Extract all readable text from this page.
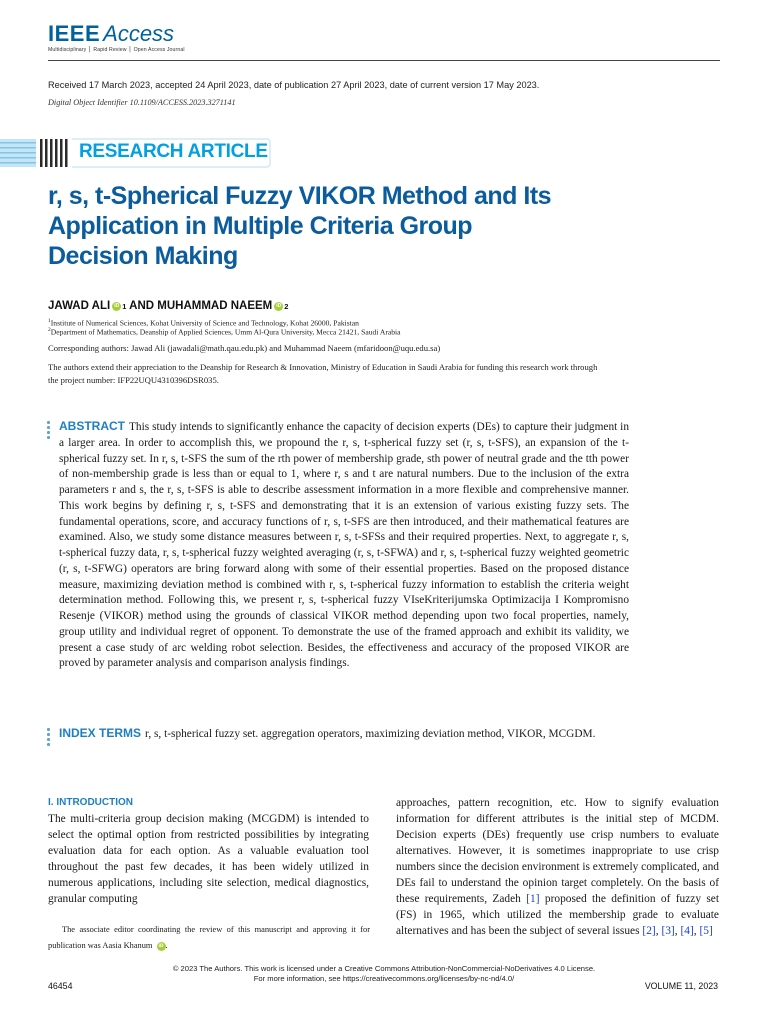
IEEE Access
Multidisciplinary ⎪ Rapid Review ⎪ Open Access Journal
Received 17 March 2023, accepted 24 April 2023, date of publication 27 April 2023, date of current version 17 May 2023.
Digital Object Identifier 10.1109/ACCESS.2023.3271141
RESEARCH ARTICLE
r, s, t-Spherical Fuzzy VIKOR Method and Its
Application in Multiple Criteria Group
Decision Making
JAWAD ALI iD 1 AND MUHAMMAD NAEEM iD 2
$^1$Institute of Numerical Sciences, Kohat University of Science and Technology, Kohat 26000, Pakistan
$^2$Department of Mathematics, Deanship of Applied Sciences, Umm Al-Qura University, Mecca 21421, Saudi Arabia
Corresponding authors: Jawad Ali (jawadali@math.qau.edu.pk) and Muhammad Naeem (mfaridoon@uqu.edu.sa)
The authors extend their appreciation to the Deanship for Research & Innovation, Ministry of Education in Saudi Arabia for funding this research work through the project number: IFP22UQU4310396DSR035.
ABSTRACT This study intends to significantly enhance the capacity of decision experts (DEs) to capture their judgment in a larger area. In order to accomplish this, we propound the r, s, t-spherical fuzzy set (r, s, t-SFS), an expansion of the t-spherical fuzzy set. In r, s, t-SFS the sum of the rth power of membership grade, sth power of neutral grade and the tth power of non-membership grade is less than or equal to 1, where r, s and t are natural numbers. Due to the inclusion of the extra parameters r and s, the r, s, t-SFS is able to describe assessment information in a more flexible and comprehensive manner. This work begins by defining r, s, t-SFS and demonstrating that it is an extension of various existing fuzzy sets. The fundamental operations, score, and accuracy functions of r, s, t-SFS are then introduced, and their mathematical features are examined. Also, we study some distance measures between r, s, t-SFSs and their required properties. Next, to aggregate r, s, t-spherical fuzzy data, r, s, t-spherical fuzzy weighted averaging (r, s, t-SFWA) and r, s, t-spherical fuzzy weighted geometric (r, s, t-SFWG) operators are bring forward along with some of their essential properties. Based on the proposed distance measure, maximizing deviation method is combined with r, s, t-spherical fuzzy information to establish the criteria weight determination method. Following this, we present r, s, t-spherical fuzzy VIseKriterijumska Optimizacija I Kompromisno Resenje (VIKOR) method using the grounds of classical VIKOR method depending upon two focal properties, namely, group utility and individual regret of opponent. To demonstrate the use of the framed approach and exhibit its validity, we present a case study of arc welding robot selection. Besides, the effectiveness and accuracy of the proposed VIKOR are proved by parameter analysis and comparison analysis findings.
INDEX TERMS r, s, t-spherical fuzzy set. aggregation operators, maximizing deviation method, VIKOR, MCGDM.
I. INTRODUCTION
The multi-criteria group decision making (MCGDM) is intended to select the optimal option from restricted possibilities by integrating evaluation data for each option. As a valuable evaluation tool throughout the past few decades, it has been widely utilized in numerous applications, including site selection, medical diagnostics, granular computing
approaches, pattern recognition, etc. How to signify evaluation information for different attributes is the initial step of MCDM. Decision experts (DEs) frequently use crisp numbers to evaluate alternatives. However, it is sometimes inappropriate to use crisp numbers since the decision environment is extremely complicated, and DEs fail to understand the opinion target completely. On the basis of these requirements, Zadeh [1] proposed the definition of fuzzy set (FS) in 1965, which utilized the membership grade to evaluate alternatives and has been the subject of several issues [2], [3], [4], [5]
The associate editor coordinating the review of this manuscript and approving it for publication was Aasia Khanum iD .
© 2023 The Authors. This work is licensed under a Creative Commons Attribution-NonCommercial-NoDerivatives 4.0 License.
For more information, see https://creativecommons.org/licenses/by-nc-nd/4.0/
46454	VOLUME 11, 2023
